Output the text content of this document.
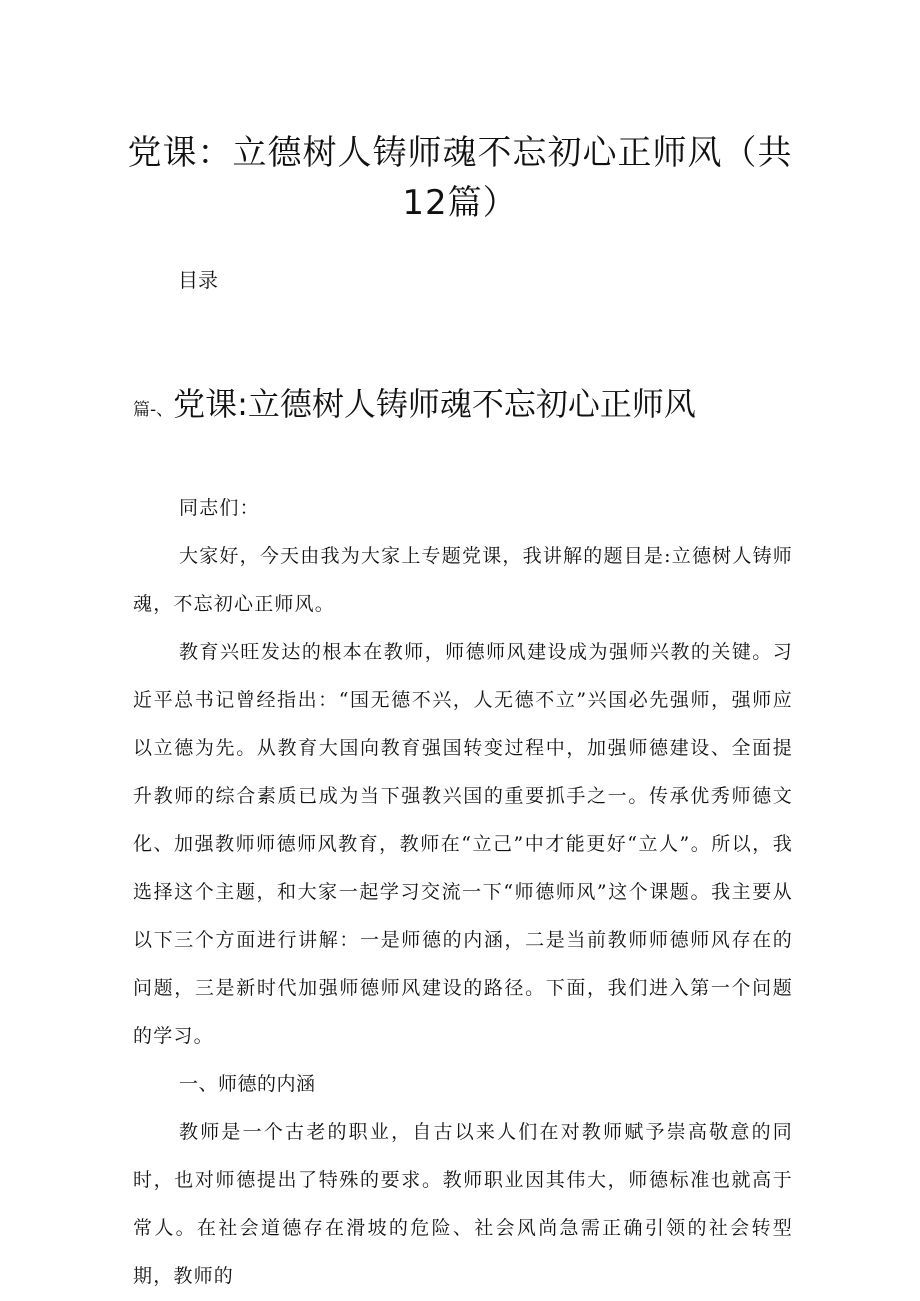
党课：立德树人铸师魂不忘初心正师风（共12篇）
目录
篇-、党课:立德树人铸师魂不忘初心正师风

同志们：

大家好，今天由我为大家上专题党课，我讲解的题目是:立德树人铸师魂，不忘初心正师风。

教育兴旺发达的根本在教师，师德师风建设成为强师兴教的关键。习近平总书记曾经指出：“国无德不兴，人无德不立”兴国必先强师，强师应以立德为先。从教育大国向教育强国转变过程中，加强师德建设、全面提升教师的综合素质已成为当下强教兴国的重要抓手之一。传承优秀师德文化、加强教师师德师风教育，教师在“立己”中才能更好“立人”。所以，我选择这个主题，和大家一起学习交流一下“师德师风”这个课题。我主要从以下三个方面进行讲解：一是师德的内涵，二是当前教师师德师风存在的问题，三是新时代加强师德师风建设的路径。下面，我们进入第一个问题的学习。

一、师德的内涵

教师是一个古老的职业，自古以来人们在对教师赋予崇高敬意的同时，也对师德提出了特殊的要求。教师职业因其伟大，师德标准也就高于常人。在社会道德存在滑坡的危险、社会风尚急需正确引领的社会转型期，教师的
